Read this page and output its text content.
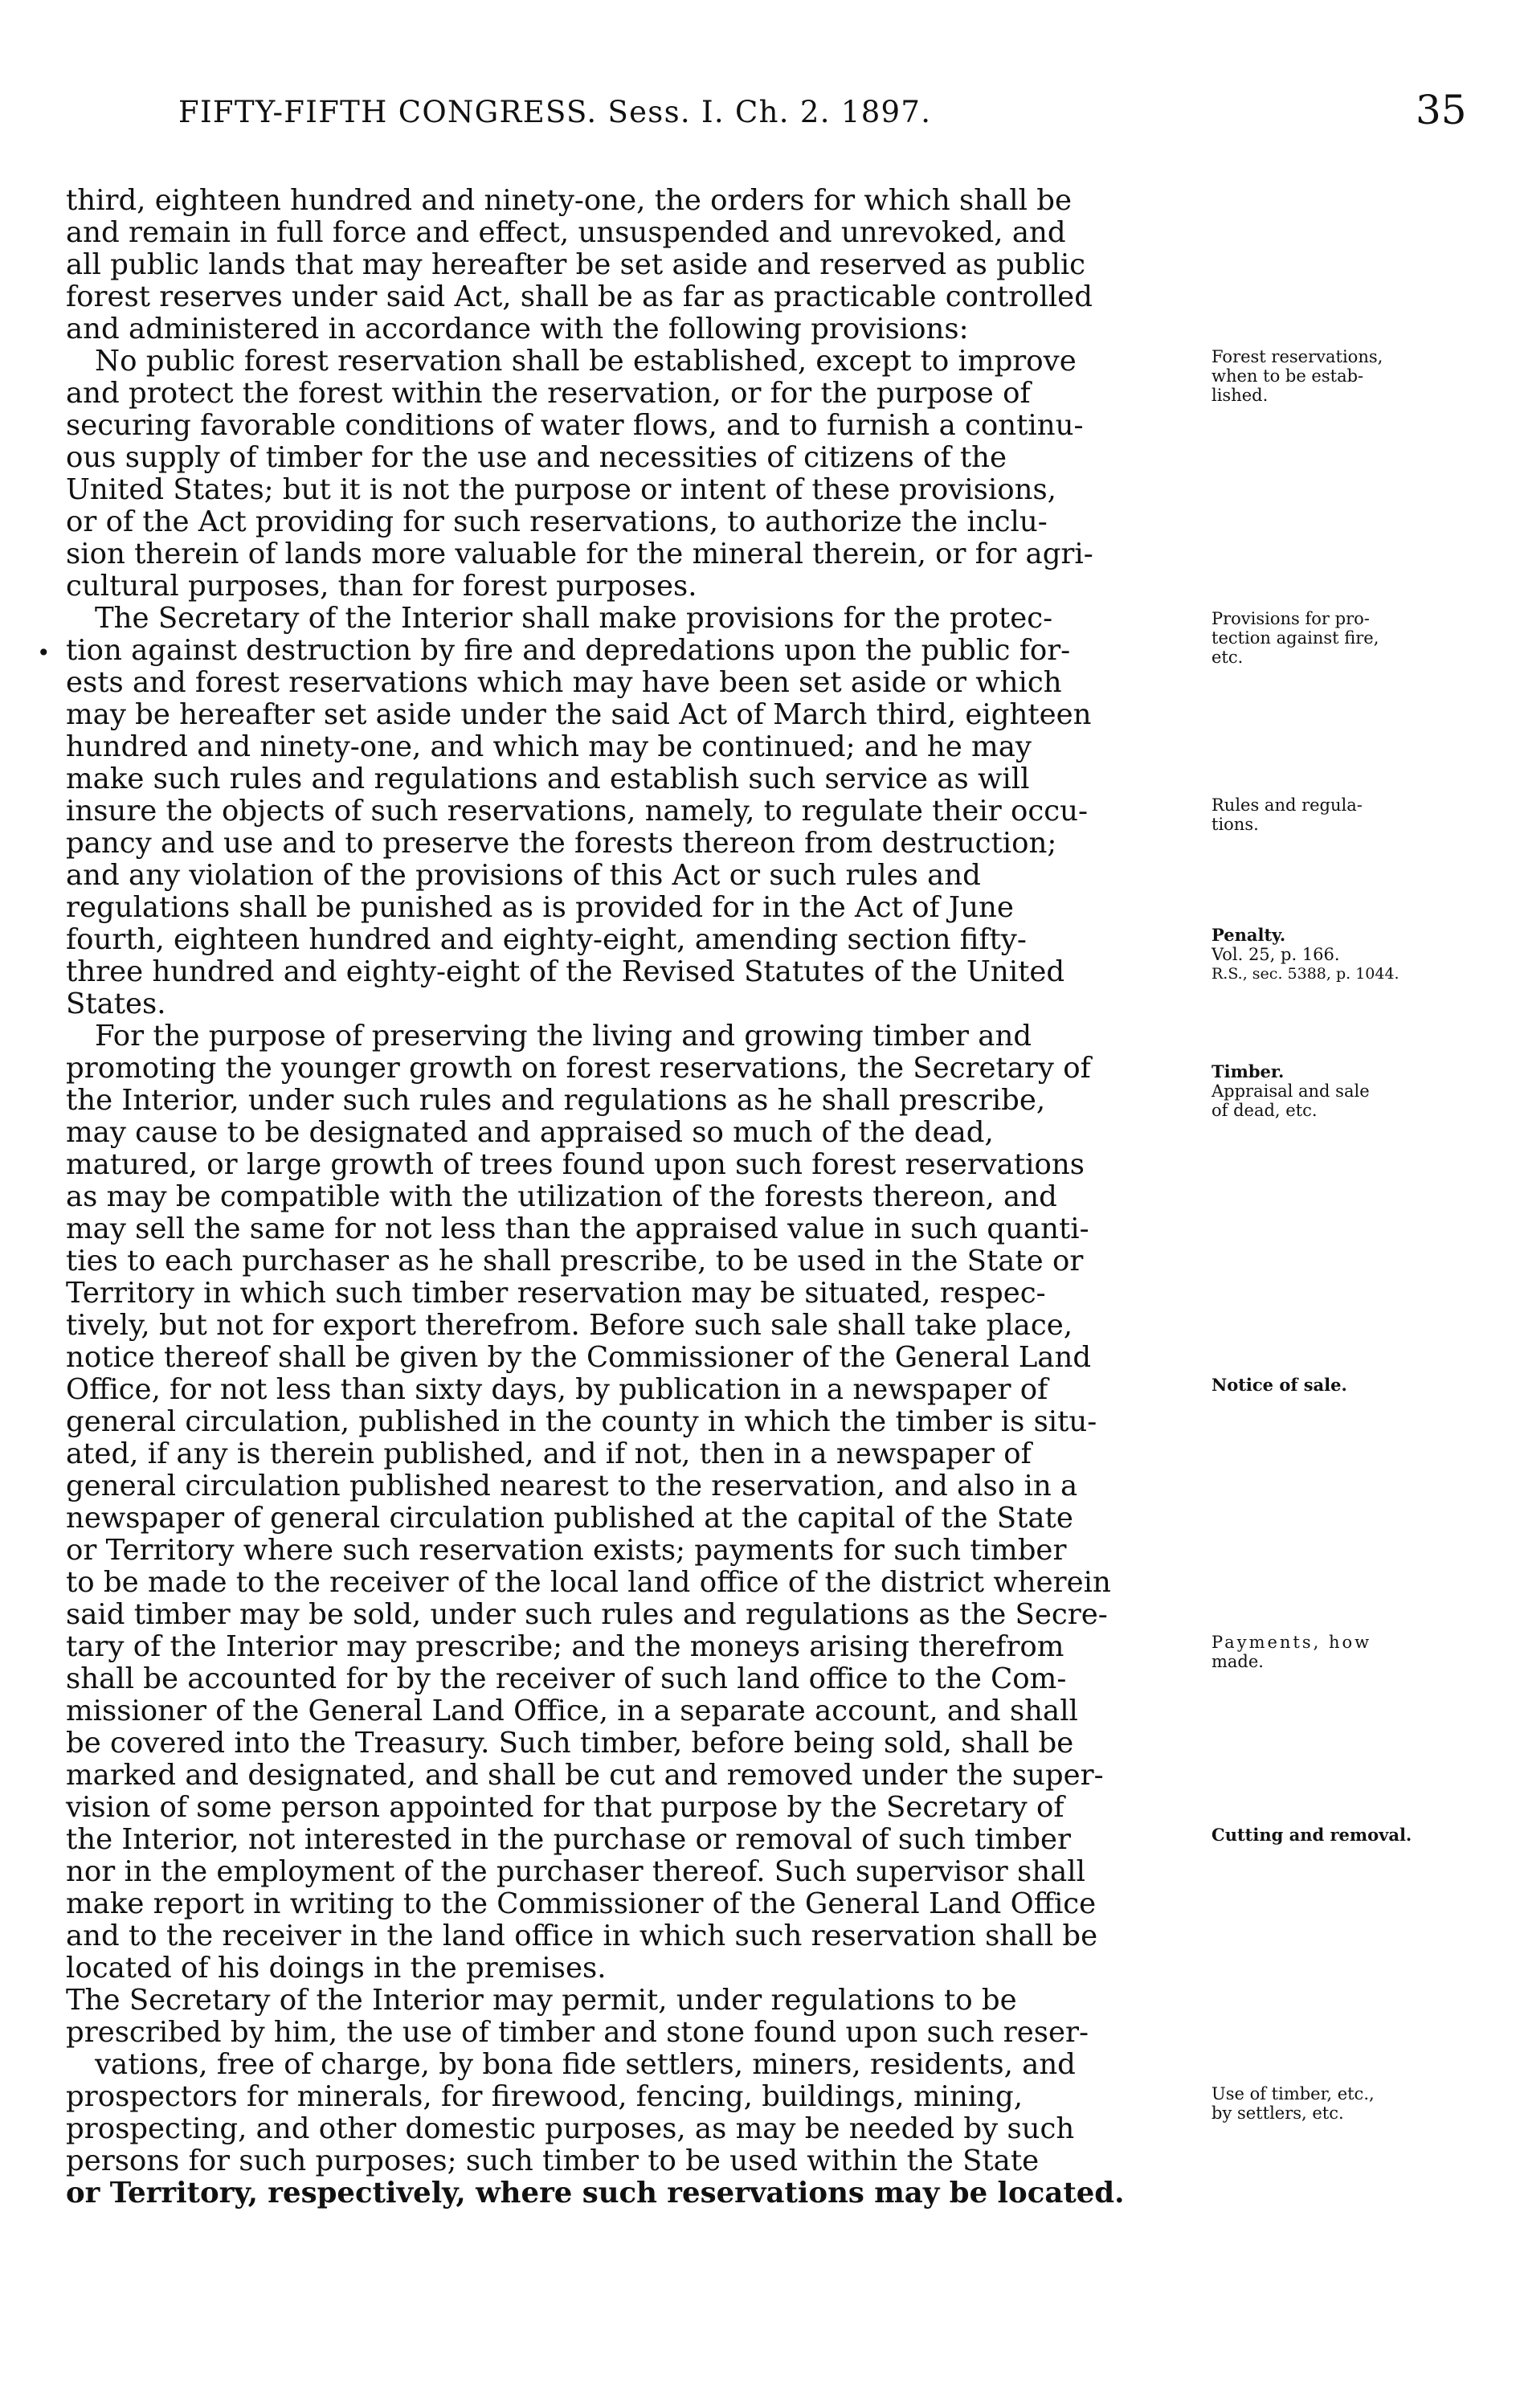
FIFTY-FIFTH CONGRESS. Sess. I. Ch. 2. 1897.	35
third, eighteen hundred and ninety-one, the orders for which shall be
and remain in full force and effect, unsuspended and unrevoked, and
all public lands that may hereafter be set aside and reserved as public
forest reserves under said Act, shall be as far as practicable controlled
and administered in accordance with the following provisions:
No public forest reservation shall be established, except to improve
and protect the forest within the reservation, or for the purpose of
securing favorable conditions of water flows, and to furnish a continu-
ous supply of timber for the use and necessities of citizens of the
United States; but it is not the purpose or intent of these provisions,
or of the Act providing for such reservations, to authorize the inclu-
sion therein of lands more valuable for the mineral therein, or for agri-
cultural purposes, than for forest purposes.
The Secretary of the Interior shall make provisions for the protec-
tion against destruction by fire and depredations upon the public for-
ests and forest reservations which may have been set aside or which
may be hereafter set aside under the said Act of March third, eighteen
hundred and ninety-one, and which may be continued; and he may
make such rules and regulations and establish such service as will
insure the objects of such reservations, namely, to regulate their occu-
pancy and use and to preserve the forests thereon from destruction;
and any violation of the provisions of this Act or such rules and
regulations shall be punished as is provided for in the Act of June
fourth, eighteen hundred and eighty-eight, amending section fifty-
three hundred and eighty-eight of the Revised Statutes of the United
States.
For the purpose of preserving the living and growing timber and
promoting the younger growth on forest reservations, the Secretary of
the Interior, under such rules and regulations as he shall prescribe,
may cause to be designated and appraised so much of the dead,
matured, or large growth of trees found upon such forest reservations
as may be compatible with the utilization of the forests thereon, and
may sell the same for not less than the appraised value in such quanti-
ties to each purchaser as he shall prescribe, to be used in the State or
Territory in which such timber reservation may be situated, respec-
tively, but not for export therefrom. Before such sale shall take place,
notice thereof shall be given by the Commissioner of the General Land
Office, for not less than sixty days, by publication in a newspaper of
general circulation, published in the county in which the timber is situ-
ated, if any is therein published, and if not, then in a newspaper of
general circulation published nearest to the reservation, and also in a
newspaper of general circulation published at the capital of the State
or Territory where such reservation exists; payments for such timber
to be made to the receiver of the local land office of the district wherein
said timber may be sold, under such rules and regulations as the Secre-
tary of the Interior may prescribe; and the moneys arising therefrom
shall be accounted for by the receiver of such land office to the Com-
missioner of the General Land Office, in a separate account, and shall
be covered into the Treasury. Such timber, before being sold, shall be
marked and designated, and shall be cut and removed under the super-
vision of some person appointed for that purpose by the Secretary of
the Interior, not interested in the purchase or removal of such timber
nor in the employment of the purchaser thereof. Such supervisor shall
make report in writing to the Commissioner of the General Land Office
and to the receiver in the land office in which such reservation shall be
located of his doings in the premises.
The Secretary of the Interior may permit, under regulations to be
prescribed by him, the use of timber and stone found upon such reser-
vations, free of charge, by bona fide settlers, miners, residents, and
prospectors for minerals, for firewood, fencing, buildings, mining,
prospecting, and other domestic purposes, as may be needed by such
persons for such purposes; such timber to be used within the State
or Territory, respectively, where such reservations may be located.
•
Forest reservations,
when to be estab-
lished.
Provisions for pro-
tection against fire,
etc.
Rules and regula-
tions.
Penalty.
Vol. 25, p. 166.
R.S., sec. 5388, p. 1044.
Timber.
Appraisal and sale
of dead, etc.
Notice of sale.
Payments, how
made.
Cutting and removal.
Use of timber, etc.,
by settlers, etc.
